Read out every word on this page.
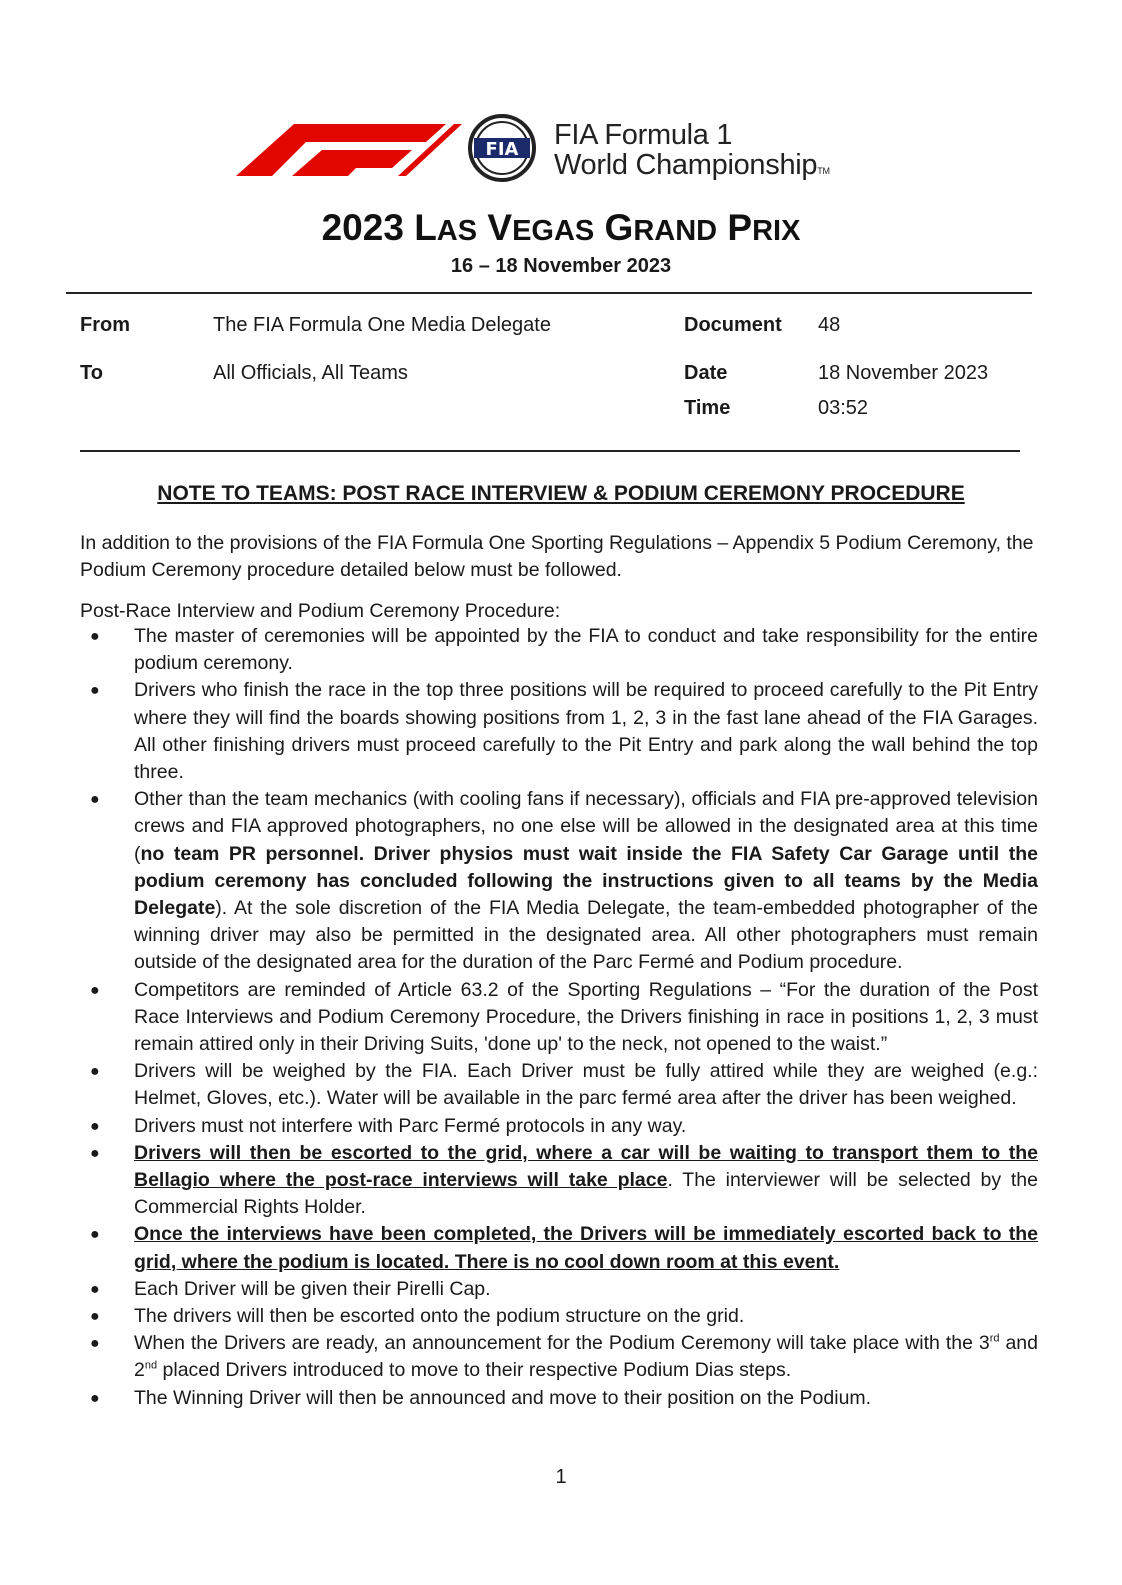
FIA FIA Formula 1
World ChampionshipTM
2023 LAS VEGAS GRAND PRIX
16 – 18 November 2023
From	The FIA Formula One Media Delegate	Document 48
To	All Officials, All Teams	Date	18 November 2023
Time	03:52
NOTE TO TEAMS: POST RACE INTERVIEW & PODIUM CEREMONY PROCEDURE
In addition to the provisions of the FIA Formula One Sporting Regulations – Appendix 5 Podium Ceremony, the Podium Ceremony procedure detailed below must be followed.
Post-Race Interview and Podium Ceremony Procedure:
● The master of ceremonies will be appointed by the FIA to conduct and take responsibility for the entire podium ceremony.
● Drivers who finish the race in the top three positions will be required to proceed carefully to the Pit Entry where they will find the boards showing positions from 1, 2, 3 in the fast lane ahead of the FIA Garages. All other finishing drivers must proceed carefully to the Pit Entry and park along the wall behind the top three.
● Other than the team mechanics (with cooling fans if necessary), officials and FIA pre-approved television crews and FIA approved photographers, no one else will be allowed in the designated area at this time (no team PR personnel. Driver physios must wait inside the FIA Safety Car Garage until the podium ceremony has concluded following the instructions given to all teams by the Media Delegate). At the sole discretion of the FIA Media Delegate, the team-embedded photographer of the winning driver may also be permitted in the designated area. All other photographers must remain outside of the designated area for the duration of the Parc Fermé and Podium procedure.
● Competitors are reminded of Article 63.2 of the Sporting Regulations – “For the duration of the Post Race Interviews and Podium Ceremony Procedure, the Drivers finishing in race in positions 1, 2, 3 must remain attired only in their Driving Suits, 'done up' to the neck, not opened to the waist.”
● Drivers will be weighed by the FIA. Each Driver must be fully attired while they are weighed (e.g.: Helmet, Gloves, etc.). Water will be available in the parc fermé area after the driver has been weighed.
● Drivers must not interfere with Parc Fermé protocols in any way.
● Drivers will then be escorted to the grid, where a car will be waiting to transport them to the Bellagio where the post-race interviews will take place. The interviewer will be selected by the Commercial Rights Holder.
● Once the interviews have been completed, the Drivers will be immediately escorted back to the grid, where the podium is located. There is no cool down room at this event.
● Each Driver will be given their Pirelli Cap.
● The drivers will then be escorted onto the podium structure on the grid.
● When the Drivers are ready, an announcement for the Podium Ceremony will take place with the 3rd and 2nd placed Drivers introduced to move to their respective Podium Dias steps.
● The Winning Driver will then be announced and move to their position on the Podium.
1
